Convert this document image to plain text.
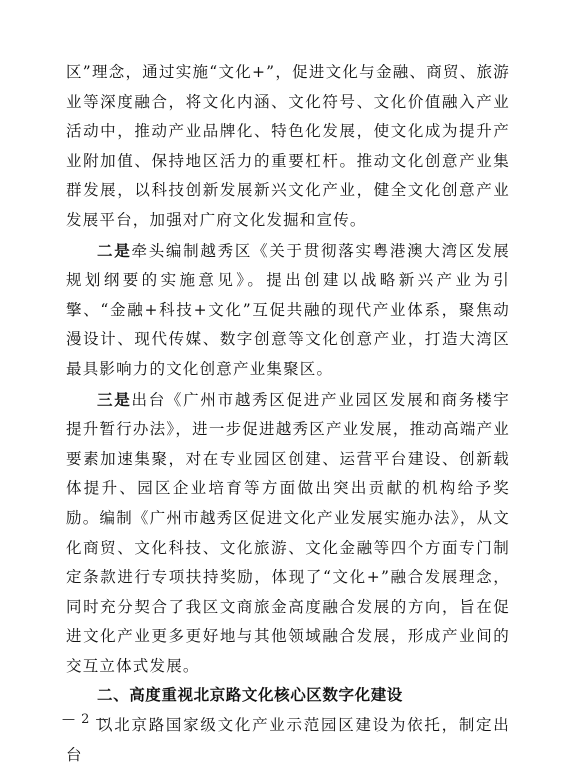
区”理念，通过实施“文化+”，促进文化与金融、商贸、旅游业等深度融合，将文化内涵、文化符号、文化价值融入产业活动中，推动产业品牌化、特色化发展，使文化成为提升产业附加值、保持地区活力的重要杠杆。推动文化创意产业集群发展，以科技创新发展新兴文化产业，健全文化创意产业发展平台，加强对广府文化发掘和宣传。

二是牵头编制越秀区《关于贯彻落实粤港澳大湾区发展规划纲要的实施意见》。提出创建以战略新兴产业为引擎、“金融+科技+文化”互促共融的现代产业体系，聚焦动漫设计、现代传媒、数字创意等文化创意产业，打造大湾区最具影响力的文化创意产业集聚区。

三是出台《广州市越秀区促进产业园区发展和商务楼宇提升暂行办法》，进一步促进越秀区产业发展，推动高端产业要素加速集聚，对在专业园区创建、运营平台建设、创新载体提升、园区企业培育等方面做出突出贡献的机构给予奖励。编制《广州市越秀区促进文化产业发展实施办法》，从文化商贸、文化科技、文化旅游、文化金融等四个方面专门制定条款进行专项扶持奖励，体现了“文化+”融合发展理念，同时充分契合了我区文商旅金高度融合发展的方向，旨在促进文化产业更多更好地与其他领域融合发展，形成产业间的交互立体式发展。

二、高度重视北京路文化核心区数字化建设

以北京路国家级文化产业示范园区建设为依托，制定出台

— 2 —
